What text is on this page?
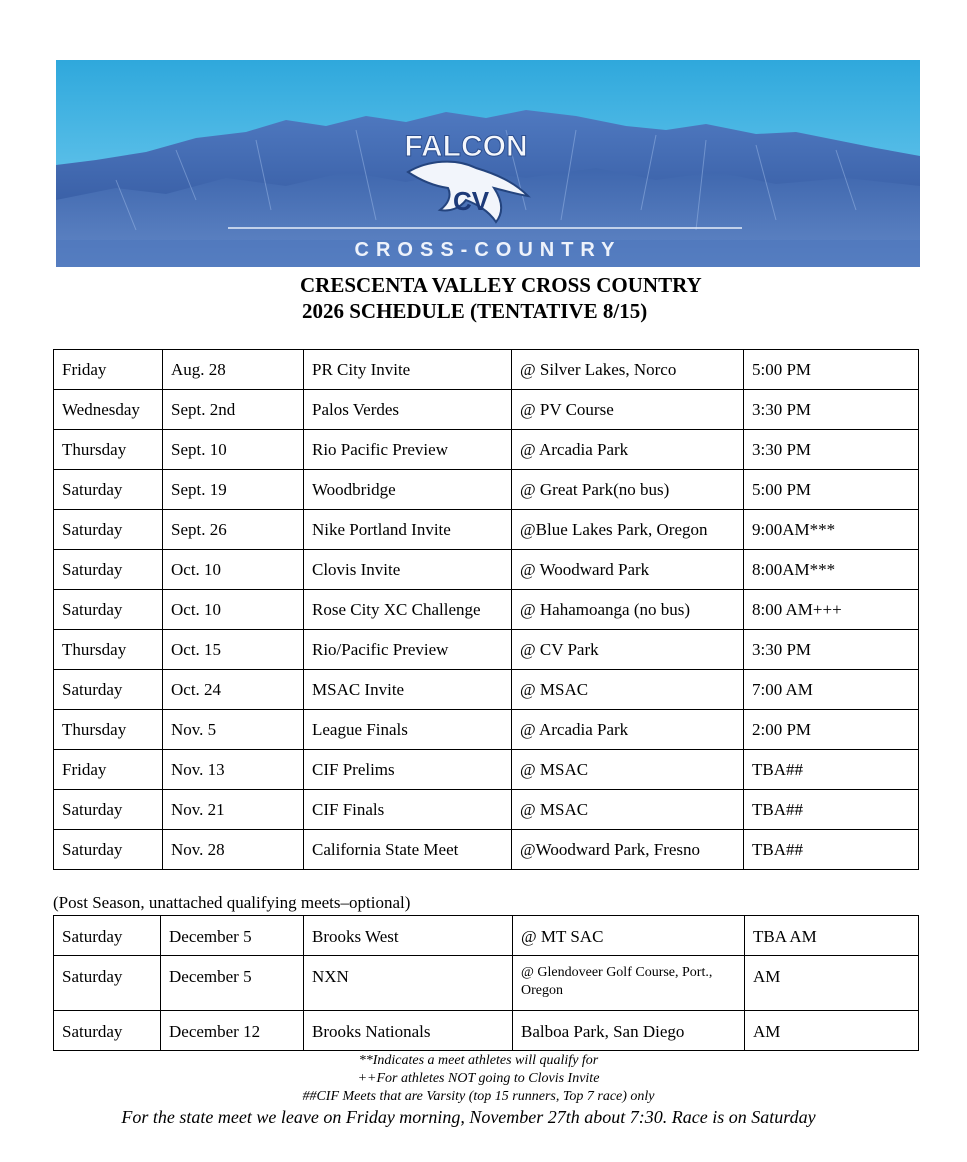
FALCON
CV
CROSS-COUNTRY
CRESCENTA VALLEY CROSS COUNTRY
2026 SCHEDULE (TENTATIVE 8/15)
Friday	Aug. 28	PR City Invite	@ Silver Lakes, Norco	5:00 PM
Wednesday	Sept. 2nd	Palos Verdes	@ PV Course	3:30 PM
Thursday	Sept. 10	Rio Pacific Preview	@ Arcadia Park	3:30 PM
Saturday	Sept. 19	Woodbridge	@ Great Park(no bus)	5:00 PM
Saturday	Sept. 26	Nike Portland Invite	@Blue Lakes Park, Oregon	9:00AM***
Saturday	Oct. 10	Clovis Invite	@ Woodward Park	8:00AM***
Saturday	Oct. 10	Rose City XC Challenge	@ Hahamoanga (no bus)	8:00 AM+++
Thursday	Oct. 15	Rio/Pacific Preview	@ CV Park	3:30 PM
Saturday	Oct. 24	MSAC Invite	@ MSAC	7:00 AM
Thursday	Nov. 5	League Finals	@ Arcadia Park	2:00 PM
Friday	Nov. 13	CIF Prelims	@ MSAC	TBA##
Saturday	Nov. 21	CIF Finals	@ MSAC	TBA##
Saturday	Nov. 28	California State Meet	@Woodward Park, Fresno	TBA##
(Post Season, unattached qualifying meets–optional)
Saturday	December 5	Brooks West	@ MT SAC	TBA AM
Saturday	December 5	NXN	@ Glendoveer Golf Course, Port., Oregon	AM
Saturday	December 12	Brooks Nationals	Balboa Park, San Diego	AM
**Indicates a meet athletes will qualify for
++For athletes NOT going to Clovis Invite
##CIF Meets that are Varsity (top 15 runners, Top 7 race) only
For the state meet we leave on Friday morning, November 27th about 7:30. Race is on Saturday
